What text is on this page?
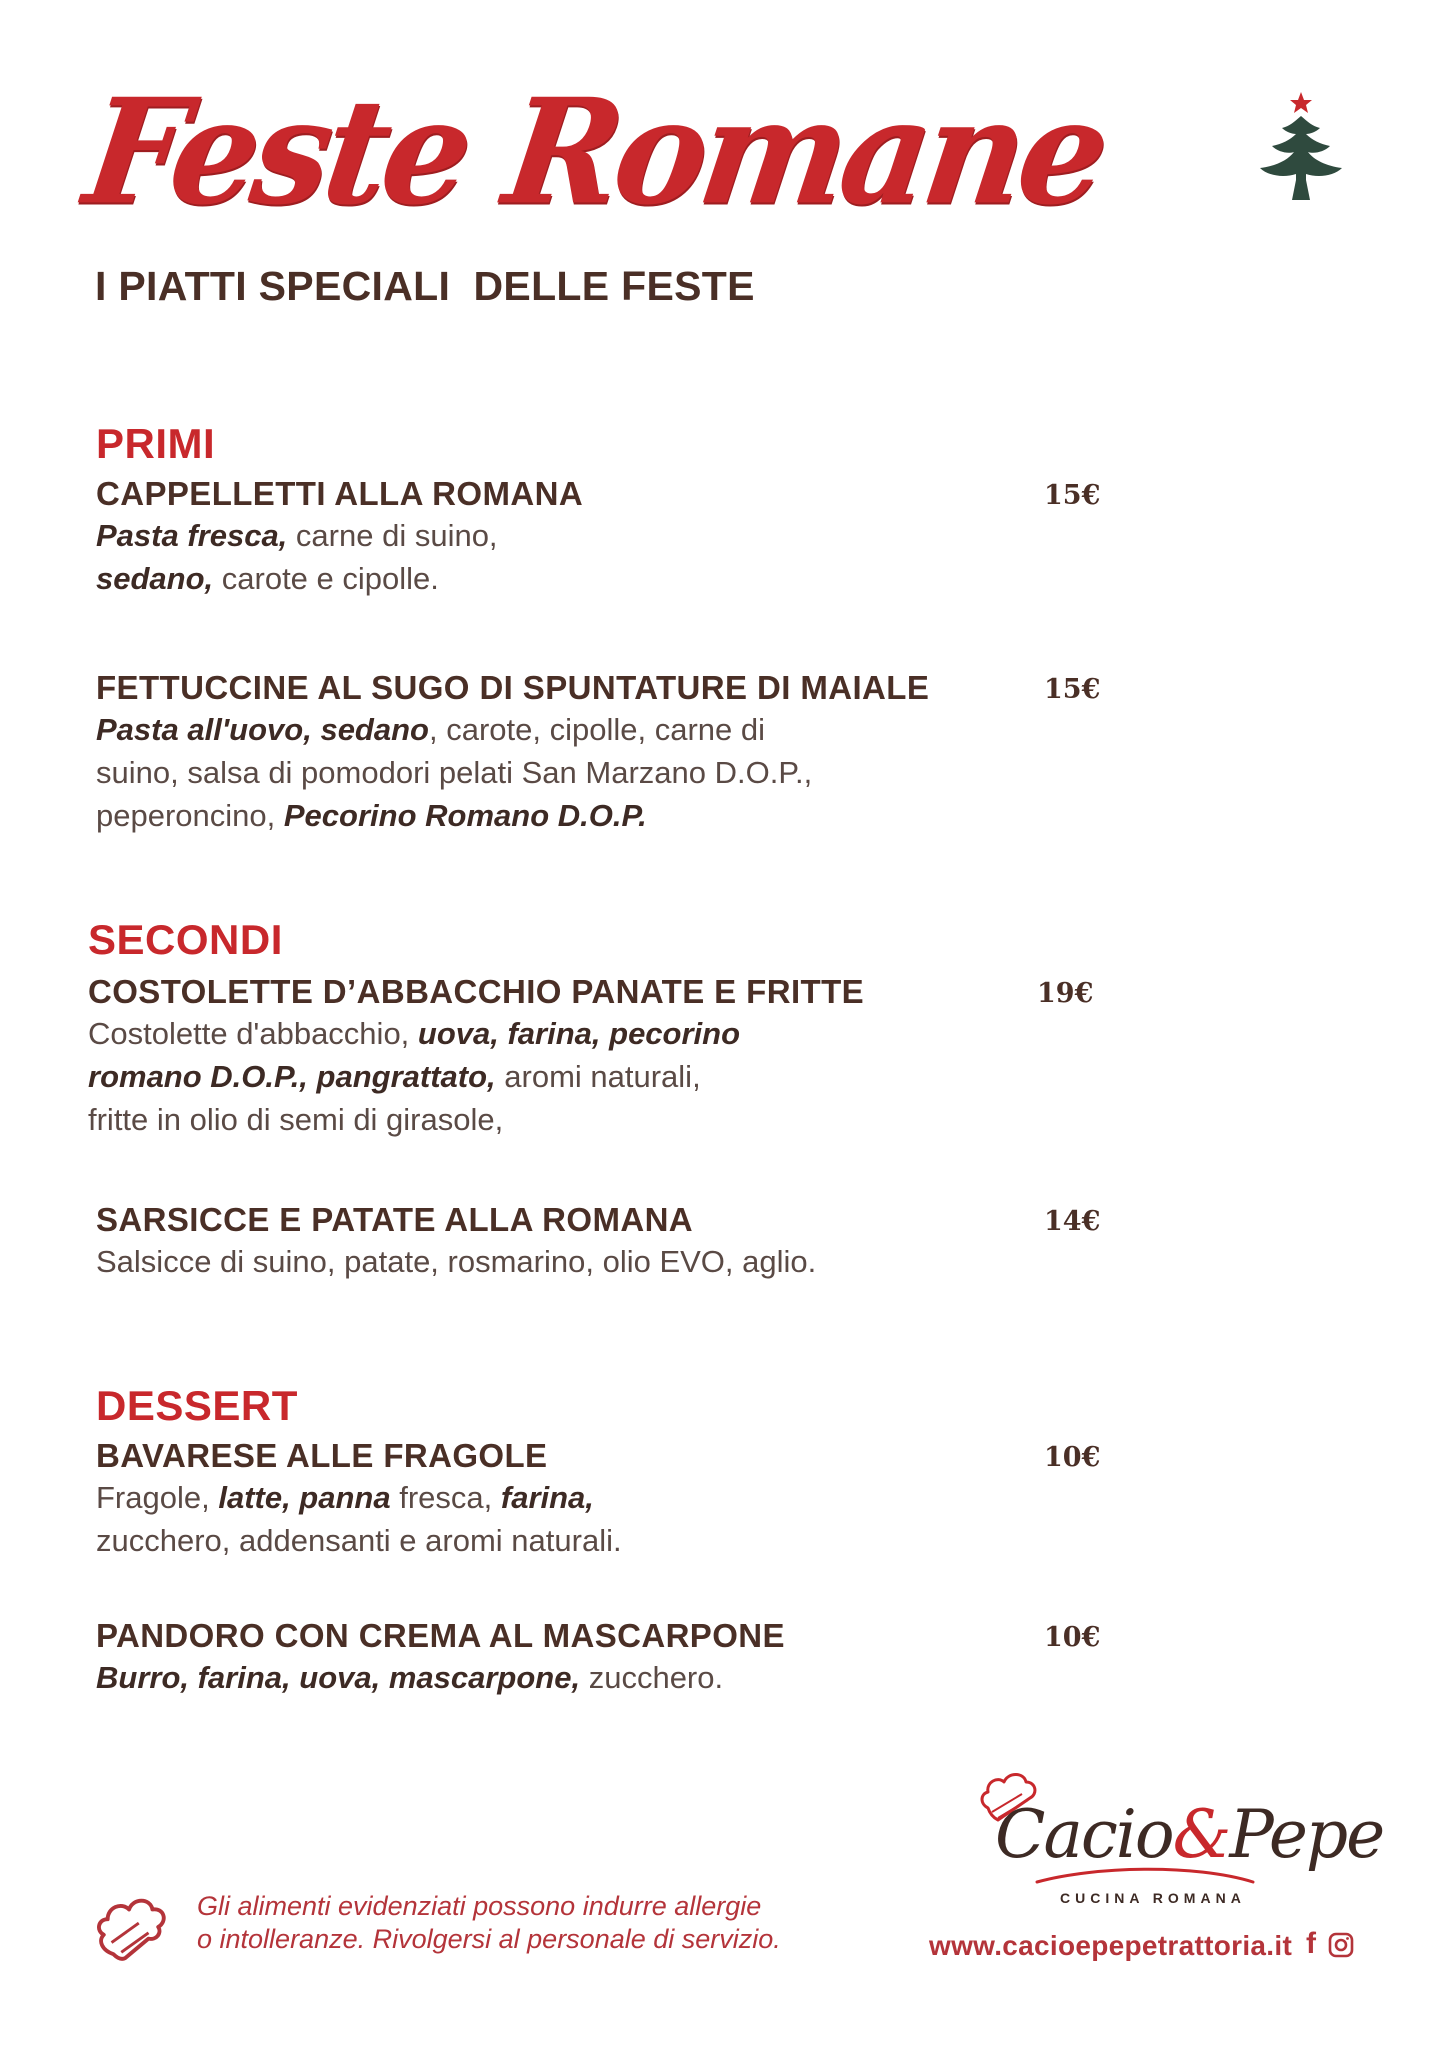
Feste Romane
I PIATTI SPECIALI  DELLE FESTE
PRIMI
CAPPELLETTI ALLA ROMANA
Pasta fresca, carne di suino,
sedano, carote e cipolle.
15€
FETTUCCINE AL SUGO DI SPUNTATURE DI MAIALE
Pasta all'uovo, sedano, carote, cipolle, carne di
suino, salsa di pomodori pelati San Marzano D.O.P.,
peperoncino, Pecorino Romano D.O.P.
15€
SECONDI
COSTOLETTE D’ABBACCHIO PANATE E FRITTE
Costolette d'abbacchio, uova, farina, pecorino
romano D.O.P., pangrattato, aromi naturali,
fritte in olio di semi di girasole,
19€
SARSICCE E PATATE ALLA ROMANA
Salsicce di suino, patate, rosmarino, olio EVO, aglio.
14€
DESSERT
BAVARESE ALLE FRAGOLE
Fragole, latte, panna fresca, farina,
zucchero, addensanti e aromi naturali.
10€
PANDORO CON CREMA AL MASCARPONE
Burro, farina, uova, mascarpone, zucchero.
10€
Gli alimenti evidenziati possono indurre allergie
o intolleranze. Rivolgersi al personale di servizio.
Cacio&Pepe
CUCINA ROMANA
www.cacioepepetrattoria.it f
